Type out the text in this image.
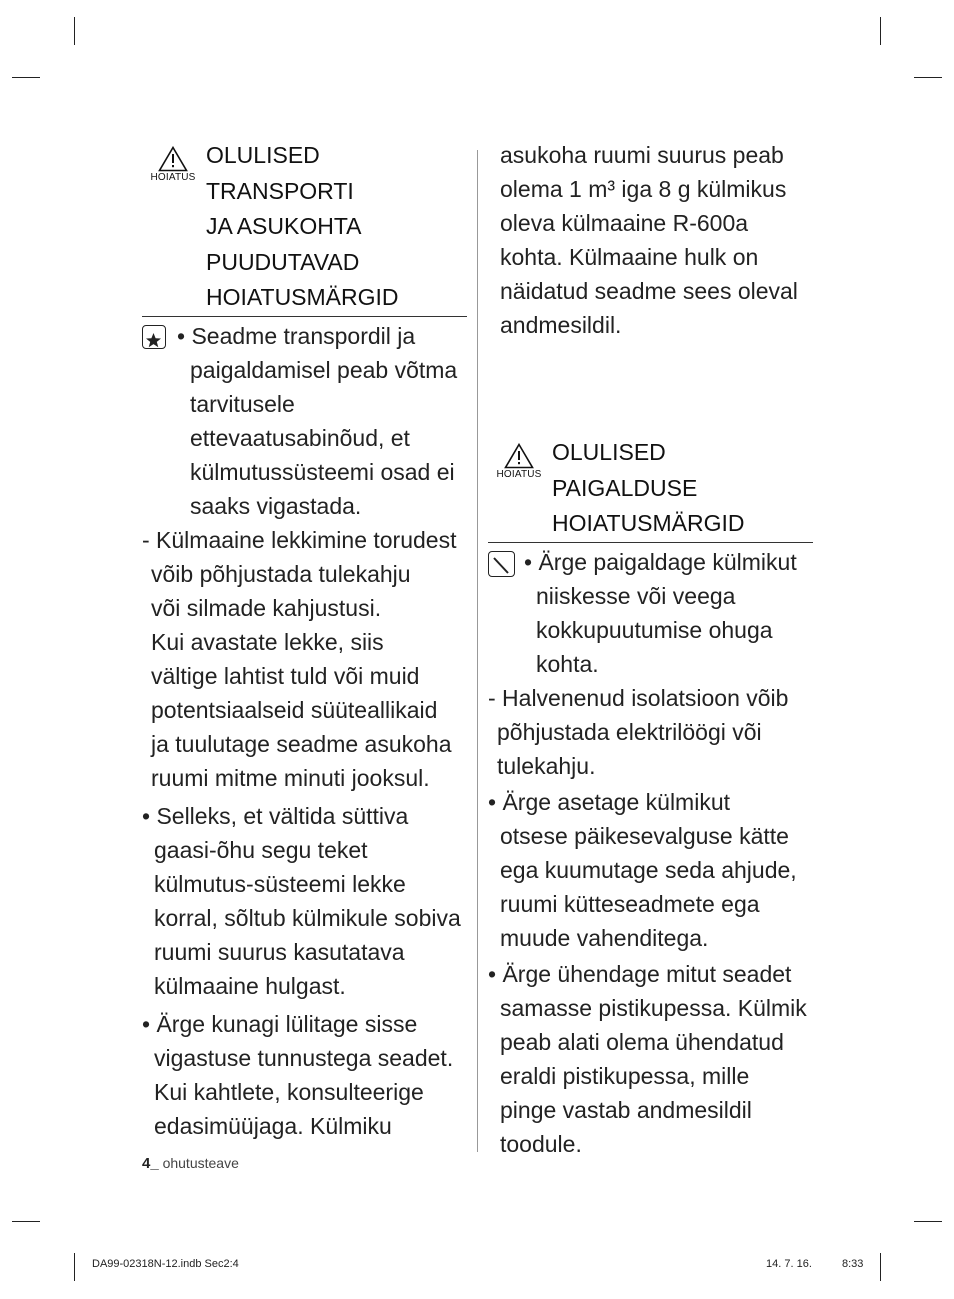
HOIATUS
OLULISED
TRANSPORTI
JA ASUKOHTA
PUUDUTAVAD
HOIATUSMÄRGID
• Seadme transpordil ja
paigaldamisel peab võtma
tarvitusele
ettevaatusabinõud, et
külmutussüsteemi osad ei
saaks vigastada.
- Külmaaine lekkimine torudest
võib põhjustada tulekahju
või silmade kahjustusi.
Kui avastate lekke, siis
vältige lahtist tuld või muid
potentsiaalseid süüteallikaid
ja tuulutage seadme asukoha
ruumi mitme minuti jooksul.
• Selleks, et vältida süttiva
gaasi-õhu segu teket
külmutus-süsteemi lekke
korral, sõltub külmikule sobiva
ruumi suurus kasutatava
külmaaine hulgast.
• Ärge kunagi lülitage sisse
vigastuse tunnustega seadet.
Kui kahtlete, konsulteerige
edasimüüjaga. Külmiku
asukoha ruumi suurus peab
olema 1 m³ iga 8 g külmikus
oleva külmaaine R-600a
kohta. Külmaaine hulk on
näidatud seadme sees oleval
andmesildil.
HOIATUS
OLULISED
PAIGALDUSE
HOIATUSMÄRGID
• Ärge paigaldage külmikut
niiskesse või veega
kokkupuutumise ohuga
kohta.
- Halvenenud isolatsioon võib
põhjustada elektrilöögi või
tulekahju.
• Ärge asetage külmikut
otsese päikesevalguse kätte
ega kuumutage seda ahjude,
ruumi kütteseadmete ega
muude vahenditega.
• Ärge ühendage mitut seadet
samasse pistikupessa. Külmik
peab alati olema ühendatud
eraldi pistikupessa, mille
pinge vastab andmesildil
toodule.
4_ ohutusteave
DA99-02318N-12.indb Sec2:4	14. 7. 16.	8:33
